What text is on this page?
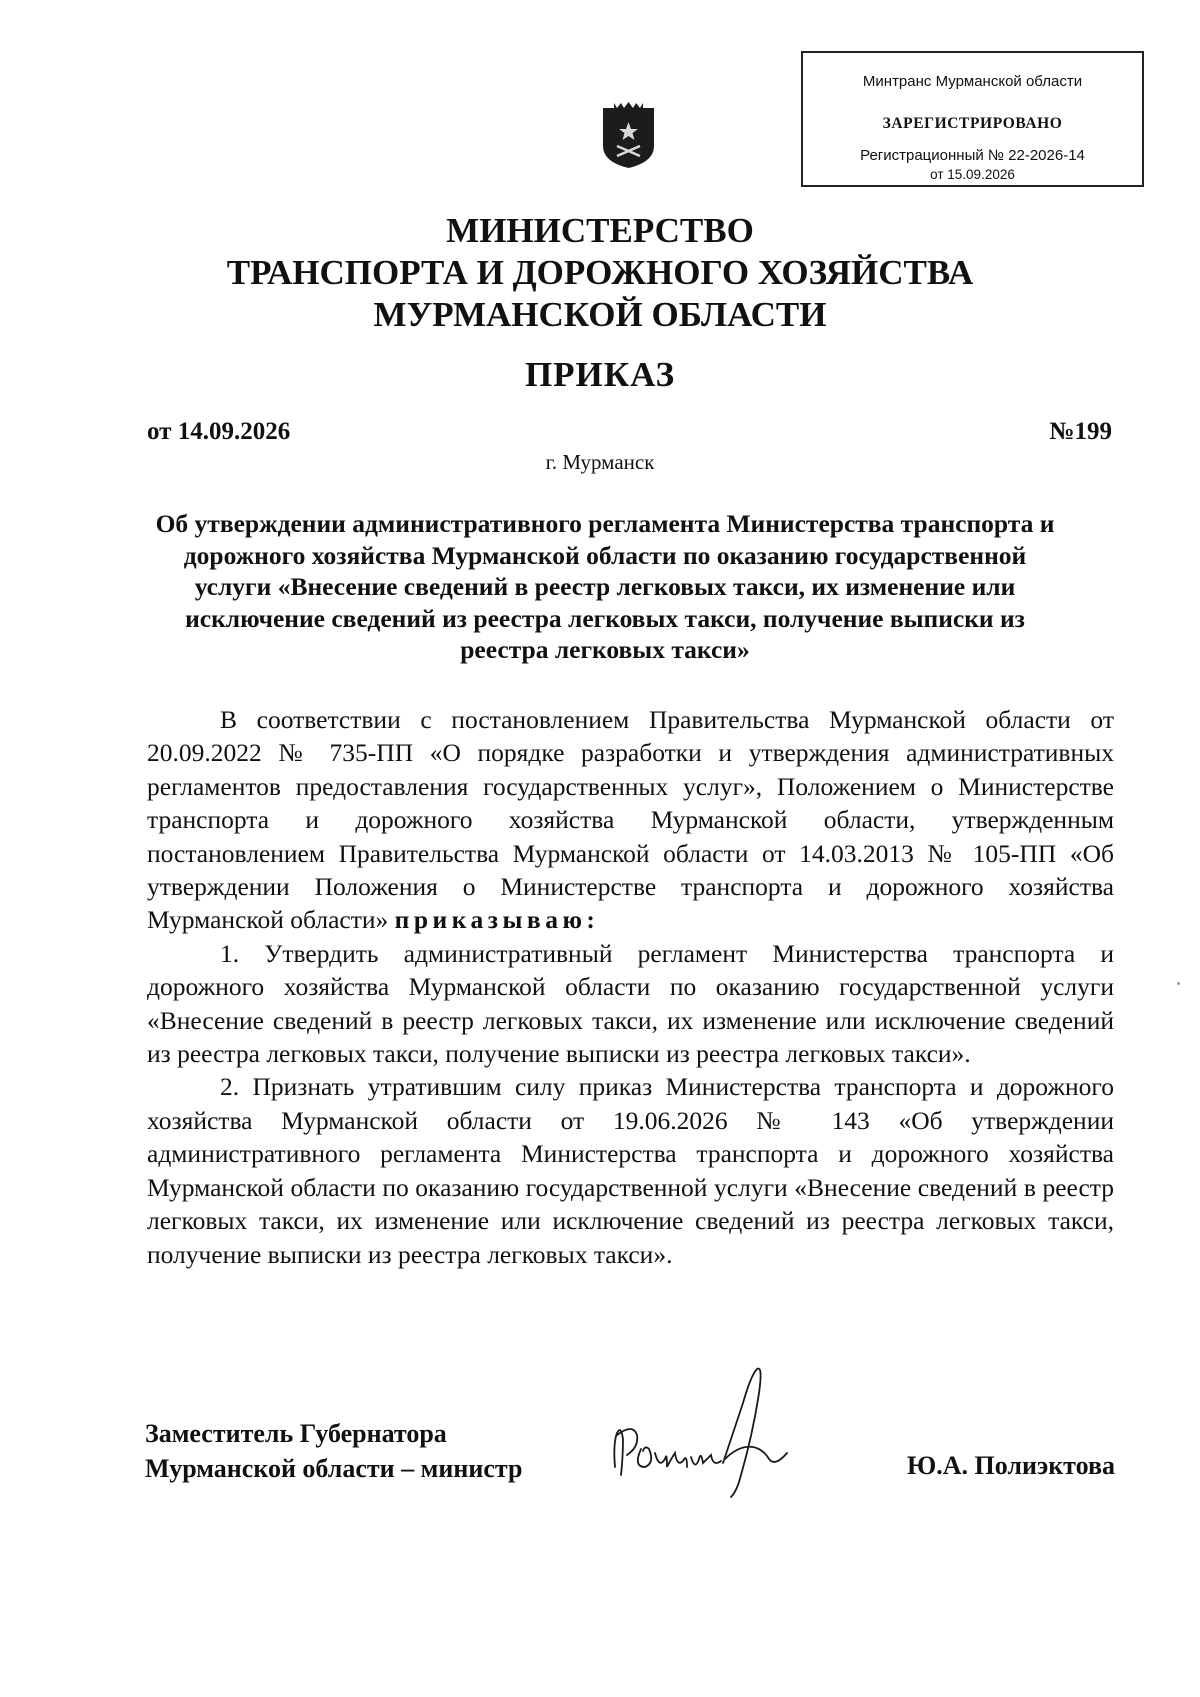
Минтранс Мурманской области
ЗАРЕГИСТРИРОВАНО
Регистрационный № 22-2026-14
от 15.09.2026
МИНИСТЕРСТВО
ТРАНСПОРТА И ДОРОЖНОГО ХОЗЯЙСТВА
МУРМАНСКОЙ ОБЛАСТИ
ПРИКАЗ
от 14.09.2026	№199
г. Мурманск
Об утверждении административного регламента Министерства транспорта и дорожного хозяйства Мурманской области по оказанию государственной услуги «Внесение сведений в реестр легковых такси, их изменение или исключение сведений из реестра легковых такси, получение выписки из реестра легковых такси»

В соответствии с постановлением Правительства Мурманской области от 20.09.2022 № 735-ПП «О порядке разработки и утверждения административных регламентов предоставления государственных услуг», Положением о Министерстве транспорта и дорожного хозяйства Мурманской области, утвержденным постановлением Правительства Мурманской области от 14.03.2013 № 105-ПП «Об утверждении Положения о Министерстве транспорта и дорожного хозяйства Мурманской области» приказываю:

1. Утвердить административный регламент Министерства транспорта и дорожного хозяйства Мурманской области по оказанию государственной услуги «Внесение сведений в реестр легковых такси, их изменение или исключение сведений из реестра легковых такси, получение выписки из реестра легковых такси».

2. Признать утратившим силу приказ Министерства транспорта и дорожного хозяйства Мурманской области от 19.06.2026 № 143 «Об утверждении административного регламента Министерства транспорта и дорожного хозяйства Мурманской области по оказанию государственной услуги «Внесение сведений в реестр легковых такси, их изменение или исключение сведений из реестра легковых такси, получение выписки из реестра легковых такси».

Заместитель Губернатора
Мурманской области – министр	Ю.А. Полиэктова
